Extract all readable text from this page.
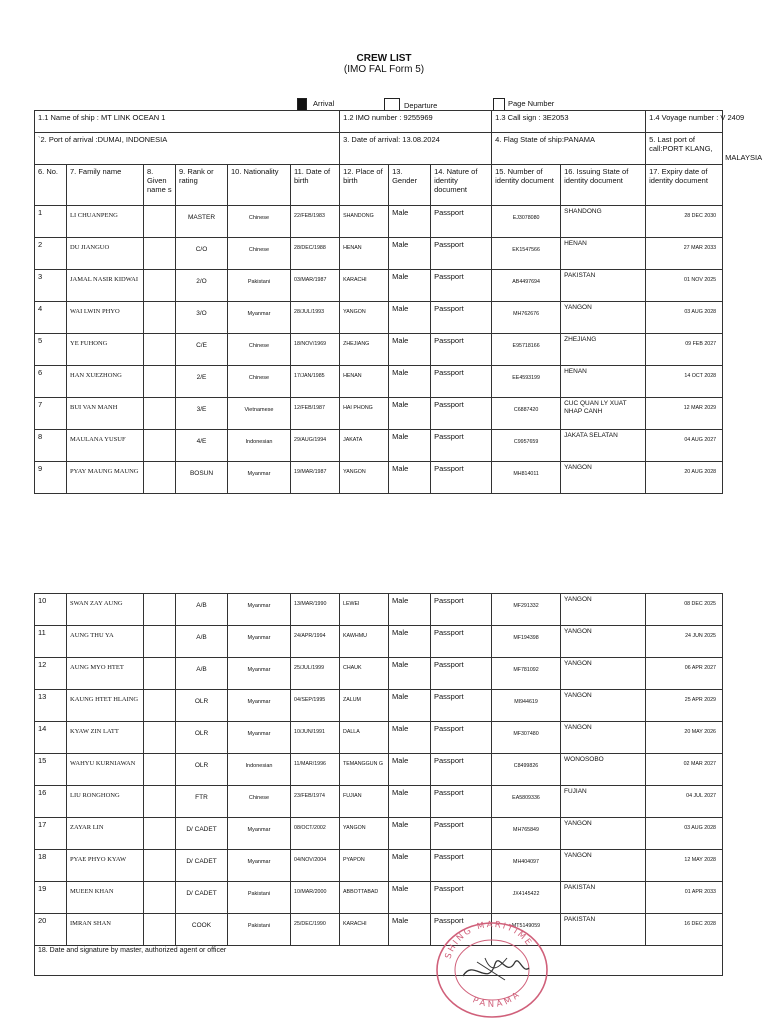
CREW LIST
(IMO FAL Form 5)
Arrival	Departure	Page Number
1.1 Name of ship : MT LINK OCEAN 1						1.2 IMO number : 9255969			1.3 Call sign : 3E2053		1.4 Voyage number : V 2409
`2. Port of arrival :DUMAI, INDONESIA						3. Date of arrival: 13.08.2024			4. Flag State of ship:PANAMA		5. Last port of call:PORT KLANG,
MALAYSIA

6. No.	7. Family name	8. Given name s	9. Rank or rating	10. Nationality	11. Date of birth	12. Place of birth	13. Gender	14. Nature of identity document	15. Number of identity document	16. Issuing State of identity document	17. Expiry date of identity document
1	LI CHUANPENG		MASTER	Chinese	22/FEB/1983	SHANDONG	Male	Passport	EJ3078080	SHANDONG	28 DEC 2030
2	DU JIANGUO		C/O	Chinese	28/DEC/1988	HENAN	Male	Passport	EK1547566	HENAN	27 MAR 2033
3	JAMAL NASIR KIDWAI		2/O	Pakistani	03/MAR/1987	KARACHI	Male	Passport	AB4497694	PAKISTAN	01 NOV 2025
4	WAI LWIN PHYO		3/O	Myanmar	28/JUL/1993	YANGON	Male	Passport	MH762676	YANGON	03 AUG 2028
5	YE FUHONG		C/E	Chinese	18/NOV/1969	ZHEJIANG	Male	Passport	E95718166	ZHEJIANG	09 FEB 2027
6	HAN XUEZHONG		2/E	Chinese	17/JAN/1985	HENAN	Male	Passport	EE4593199	HENAN	14 OCT 2028
7	BUI VAN MANH		3/E	Vietnamese	12/FEB/1987	HAI PHONG	Male	Passport	C6887420	CUC QUAN LY XUAT NHAP CANH	12 MAR 2029
8	MAULANA YUSUF		4/E	Indonesian	29/AUG/1994	JAKATA	Male	Passport	C9957659	JAKATA SELATAN	04 AUG 2027
9	PYAY MAUNG MAUNG		BOSUN	Myanmar	19/MAR/1987	YANGON	Male	Passport	MH814011	YANGON	20 AUG 2028
10	SWAN ZAY AUNG		A/B	Myanmar	13/MAR/1990	LEWEI	Male	Passport	MF291332	YANGON	08 DEC 2025
11	AUNG THU YA		A/B	Myanmar	24/APR/1994	KAWHMU	Male	Passport	MF194398	YANGON	24 JUN 2025
12	AUNG MYO HTET		A/B	Myanmar	25/JUL/1999	CHAUK	Male	Passport	MF781092	YANGON	06 APR 2027
13	KAUNG HTET HLAING		OLR	Myanmar	04/SEP/1995	ZALUM	Male	Passport	MI944619	YANGON	25 APR 2029
14	KYAW ZIN LATT		OLR	Myanmar	10/JUN/1991	DALLA	Male	Passport	MF307480	YANGON	20 MAY 2026
15	WAHYU KURNIAWAN		OLR	Indonesian	11/MAR/1996	TEMANGGUN G	Male	Passport	C8499826	WONOSOBO	02 MAR 2027
16	LIU RONGHONG		FTR	Chinese	23/FEB/1974	FUJIAN	Male	Passport	EA5809336	FUJIAN	04 JUL 2027
17	ZAYAR LIN		D/ CADET	Myanmar	08/OCT/2002	YANGON	Male	Passport	MH765849	YANGON	03 AUG 2028
18	PYAE PHYO KYAW		D/ CADET	Myanmar	04/NOV/2004	PYAPON	Male	Passport	MH404097	YANGON	12 MAY 2028
19	MUEEN KHAN		D/ CADET	Pakistani	10/MAR/2000	ABBOTTABAD	Male	Passport	JX4145422	PAKISTAN	01 APR 2033
20	IMRAN SHAN		COOK	Pakistani	25/DEC/1990	KARACHI	Male	Passport	MT5149059	PAKISTAN	16 DEC 2028
18. Date and signature by master, authorized agent or officer												SHING MARITIME
PANAMA
